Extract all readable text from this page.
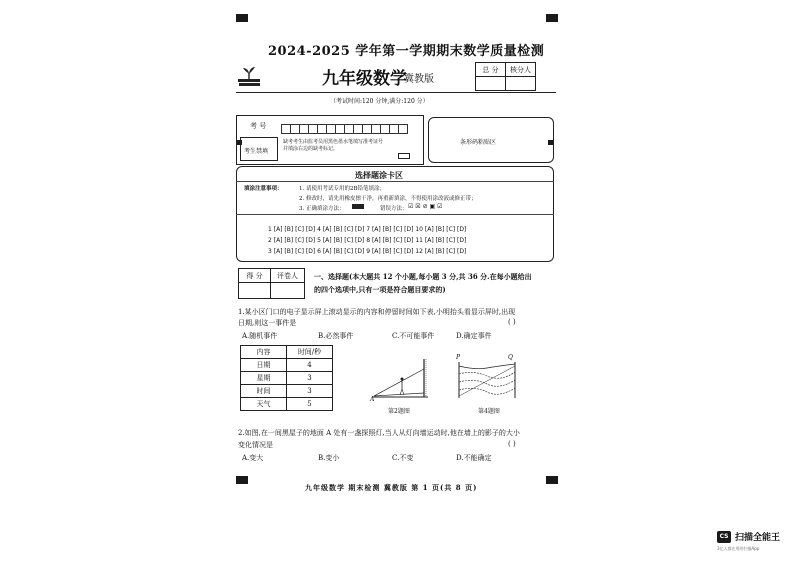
2024-2025 学年第一学期期末数学质量检测
九年级数学
冀教版
总 分	核分人

（考试时间:120 分钟,满分:120 分）
考 号
考生禁填
缺考考生由监考员用黑色墨水笔填写准考证号并填涂右边的缺考标记。
条形码粘贴区
选择题涂卡区
填涂注意事项：	1. 请使用考试专用的2B铅笔填涂；
2. 修改时，请先用橡皮擦干净，再重新填涂，不得使用涂改液或修正带；
3. 正确填涂方法：	错误方法： ☑ ☒ ⊘ ▣ ☑
1 [A] [B] [C] [D] 4 [A] [B] [C] [D] 7 [A] [B] [C] [D] 10 [A] [B] [C] [D]
2 [A] [B] [C] [D] 5 [A] [B] [C] [D] 8 [A] [B] [C] [D] 11 [A] [B] [C] [D]
3 [A] [B] [C] [D] 6 [A] [B] [C] [D] 9 [A] [B] [C] [D] 12 [A] [B] [C] [D]
得 分	评卷人
	一、选择题(本大题共 12 个小题,每小题 3 分,共 36 分.在每小题给出
的四个选项中,只有一项是符合题目要求的)
1.某小区门口的电子显示屏上滚动显示的内容和停留时间如下表,小明抬头看显示屏时,出现
日期,则这一事件是	( )
A.随机事件	B.必然事件	C.不可能事件	D.确定事件
内容	时间/秒
日期	4
星期	3
时间	3
天气	5
A
第2题图
P	Q
第4题图
2.如图,在一间黑屋子的地面 A 处有一盏探照灯,当人从灯向墙运动时,他在墙上的影子的大小
变化情况是	( )
A.变大	B.变小	C.不变	D.不能确定
九年级数学 期末检测 冀教版 第 1 页(共 8 页)
CS 扫描全能王
3亿人都在用的扫描App
